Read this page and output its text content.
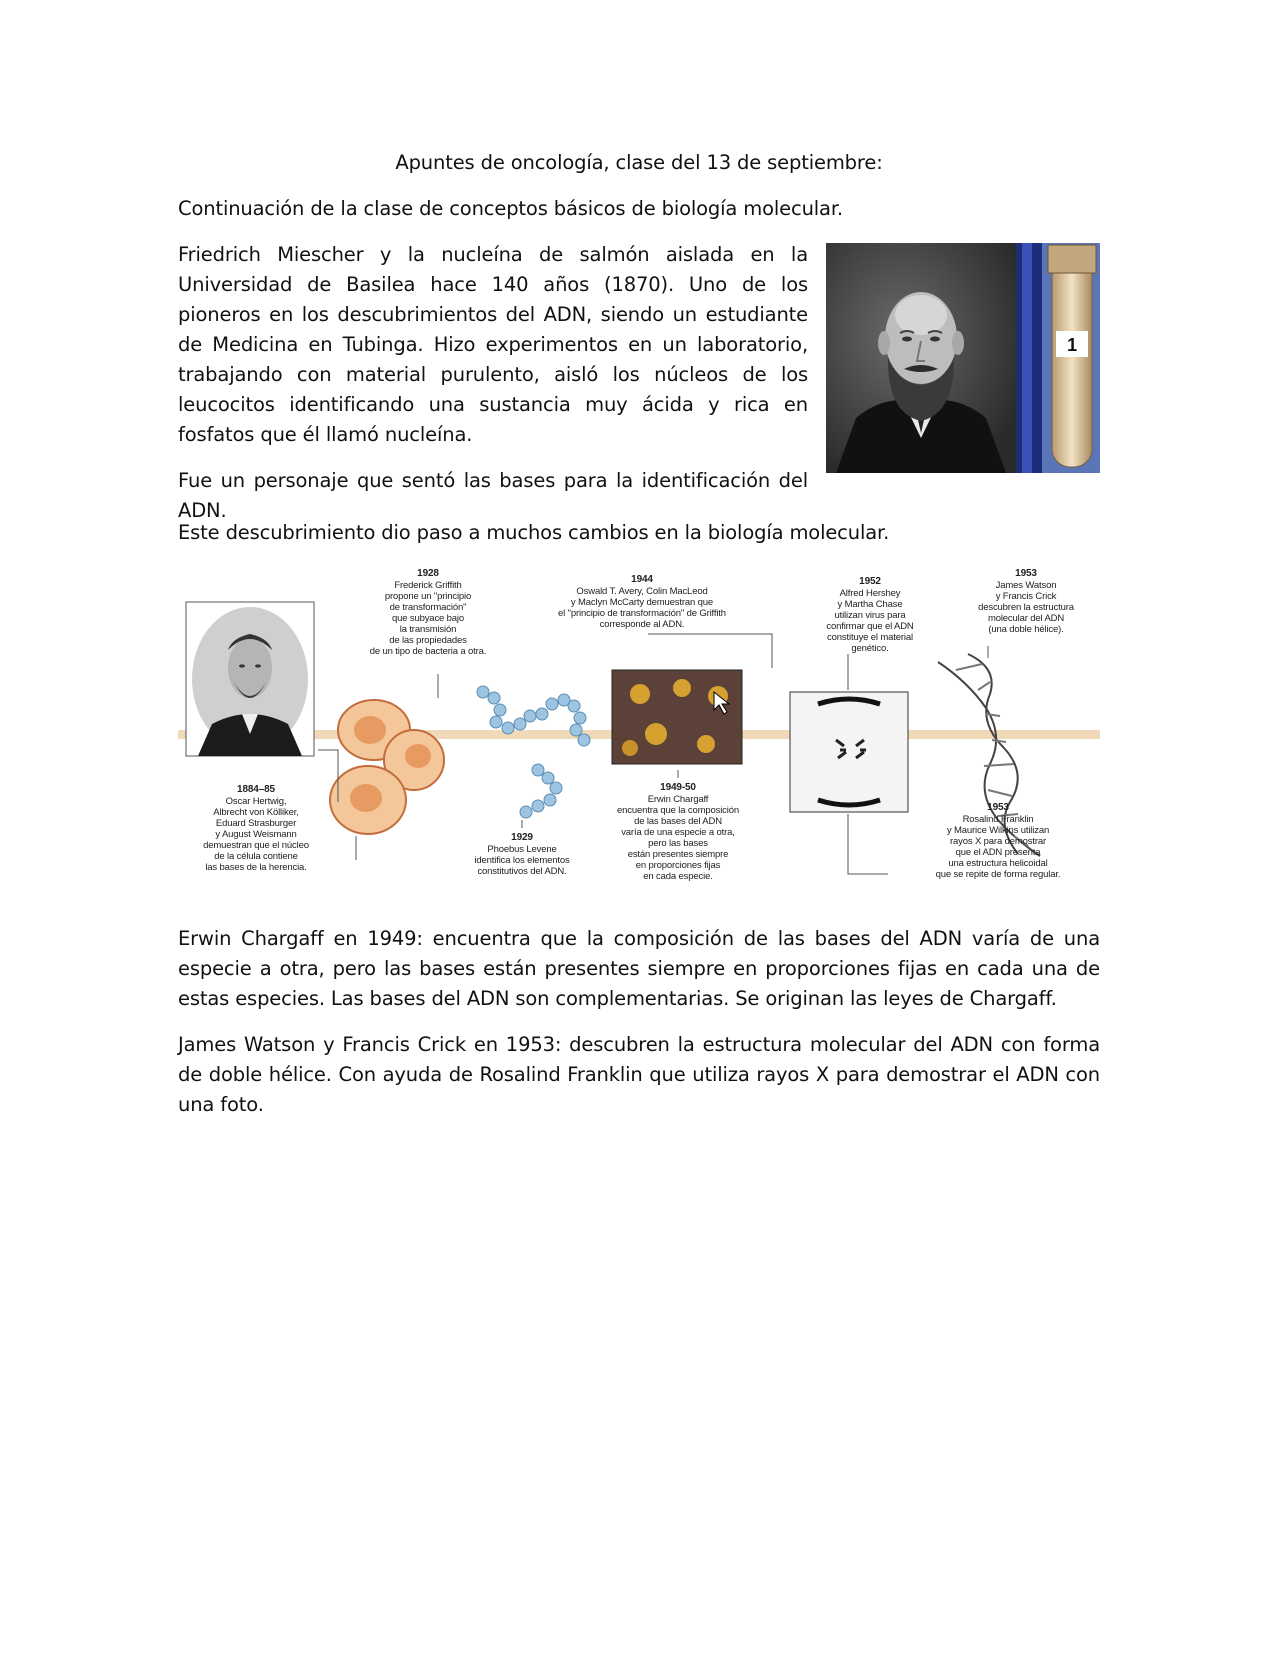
Apuntes de oncología, clase del 13 de septiembre:

Continuación de la clase de conceptos básicos de biología molecular.

Friedrich Miescher y la nucleína de salmón aislada en la Universidad de Basilea hace 140 años (1870). Uno de los pioneros en los descubrimientos del ADN, siendo un estudiante de Medicina en Tubinga. Hizo experimentos en un laboratorio, trabajando con material purulento, aisló los núcleos de los leucocitos identificando una sustancia muy ácida y rica en fosfatos que él llamó nucleína.

Fue un personaje que sentó las bases para la identificación del ADN.

1

Este descubrimiento dio paso a muchos cambios en la biología molecular.

1928
Frederick Griffith
propone un "principio
de transformación"
que subyace bajo
la transmisión
de las propiedades
de un tipo de bacteria a otra.
1944
Oswald T. Avery, Colin MacLeod
y Maclyn McCarty demuestran que
el "principio de transformación" de Griffith
corresponde al ADN.
1952
Alfred Hershey
y Martha Chase
utilizan virus para
confirmar que el ADN
constituye el material
genético.
1953
James Watson
y Francis Crick
descubren la estructura
molecular del ADN
(una doble hélice).
1884–85
Oscar Hertwig,
Albrecht von Kölliker,
Eduard Strasburger
y August Weismann
demuestran que el núcleo
de la célula contiene
las bases de la herencia.
1929
Phoebus Levene
identifica los elementos
constitutivos del ADN.
1949-50
Erwin Chargaff
encuentra que la composición
de las bases del ADN
varía de una especie a otra,
pero las bases
están presentes siempre
en proporciones fijas
en cada especie.
1953
Rosalind Franklin
y Maurice Wilkins utilizan
rayos X para demostrar
que el ADN presenta
una estructura helicoidal
que se repite de forma regular.

Erwin Chargaff en 1949: encuentra que la composición de las bases del ADN varía de una especie a otra, pero las bases están presentes siempre en proporciones fijas en cada una de estas especies. Las bases del ADN son complementarias. Se originan las leyes de Chargaff.

James Watson y Francis Crick en 1953: descubren la estructura molecular del ADN con forma de doble hélice. Con ayuda de Rosalind Franklin que utiliza rayos X para demostrar el ADN con una foto.
